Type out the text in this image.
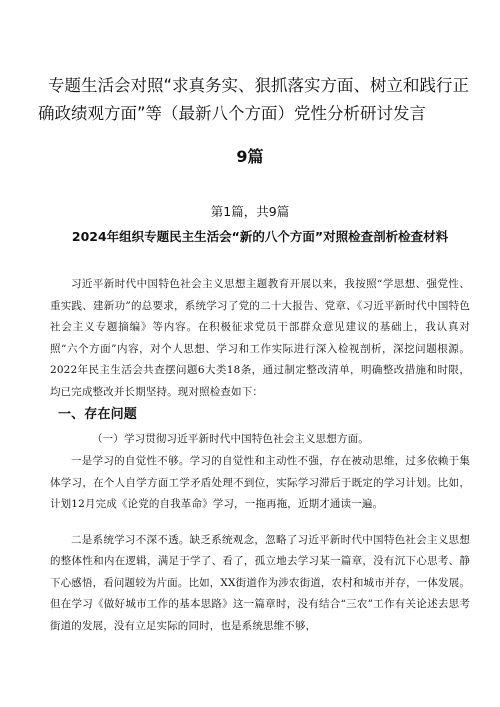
专题生活会对照“求真务实、狠抓落实方面、树立和践行正确政绩观方面”等（最新八个方面）党性分析研讨发言

9篇

第1篇，共9篇

2024年组织专题民主生活会“新的八个方面”对照检查剖析检查材料

习近平新时代中国特色社会主义思想主题教育开展以来，我按照“学思想、强党性、重实践、建新功”的总要求，系统学习了党的二十大报告、党章、《习近平新时代中国特色社会主义专题摘编》等内容。在积极征求党员干部群众意见建议的基础上，我认真对照“六个方面”内容，对个人思想、学习和工作实际进行深入检视剖析，深挖问题根源。2022年民主生活会共查摆问题6大类18条，通过制定整改清单，明确整改措施和时限，均已完成整改并长期坚持。现对照检查如下：

一、存在问题

（一）学习贯彻习近平新时代中国特色社会主义思想方面。

一是学习的自觉性不够。学习的自觉性和主动性不强，存在被动思维，过多依赖于集体学习，在个人自学方面工学矛盾处理不到位，实际学习滞后于既定的学习计划。比如，计划12月完成《论党的自我革命》学习，一拖再拖，近期才通读一遍。

二是系统学习不深不透。缺乏系统观念，忽略了习近平新时代中国特色社会主义思想的整体性和内在逻辑，满足于学了、看了，孤立地去学习某一篇章，没有沉下心思考、静下心感悟，看问题较为片面。比如，XX街道作为涉农街道，农村和城市并存，一体发展。但在学习《做好城市工作的基本思路》这一篇章时，没有结合“三农”工作有关论述去思考街道的发展，没有立足实际的同时，也是系统思维不够，
